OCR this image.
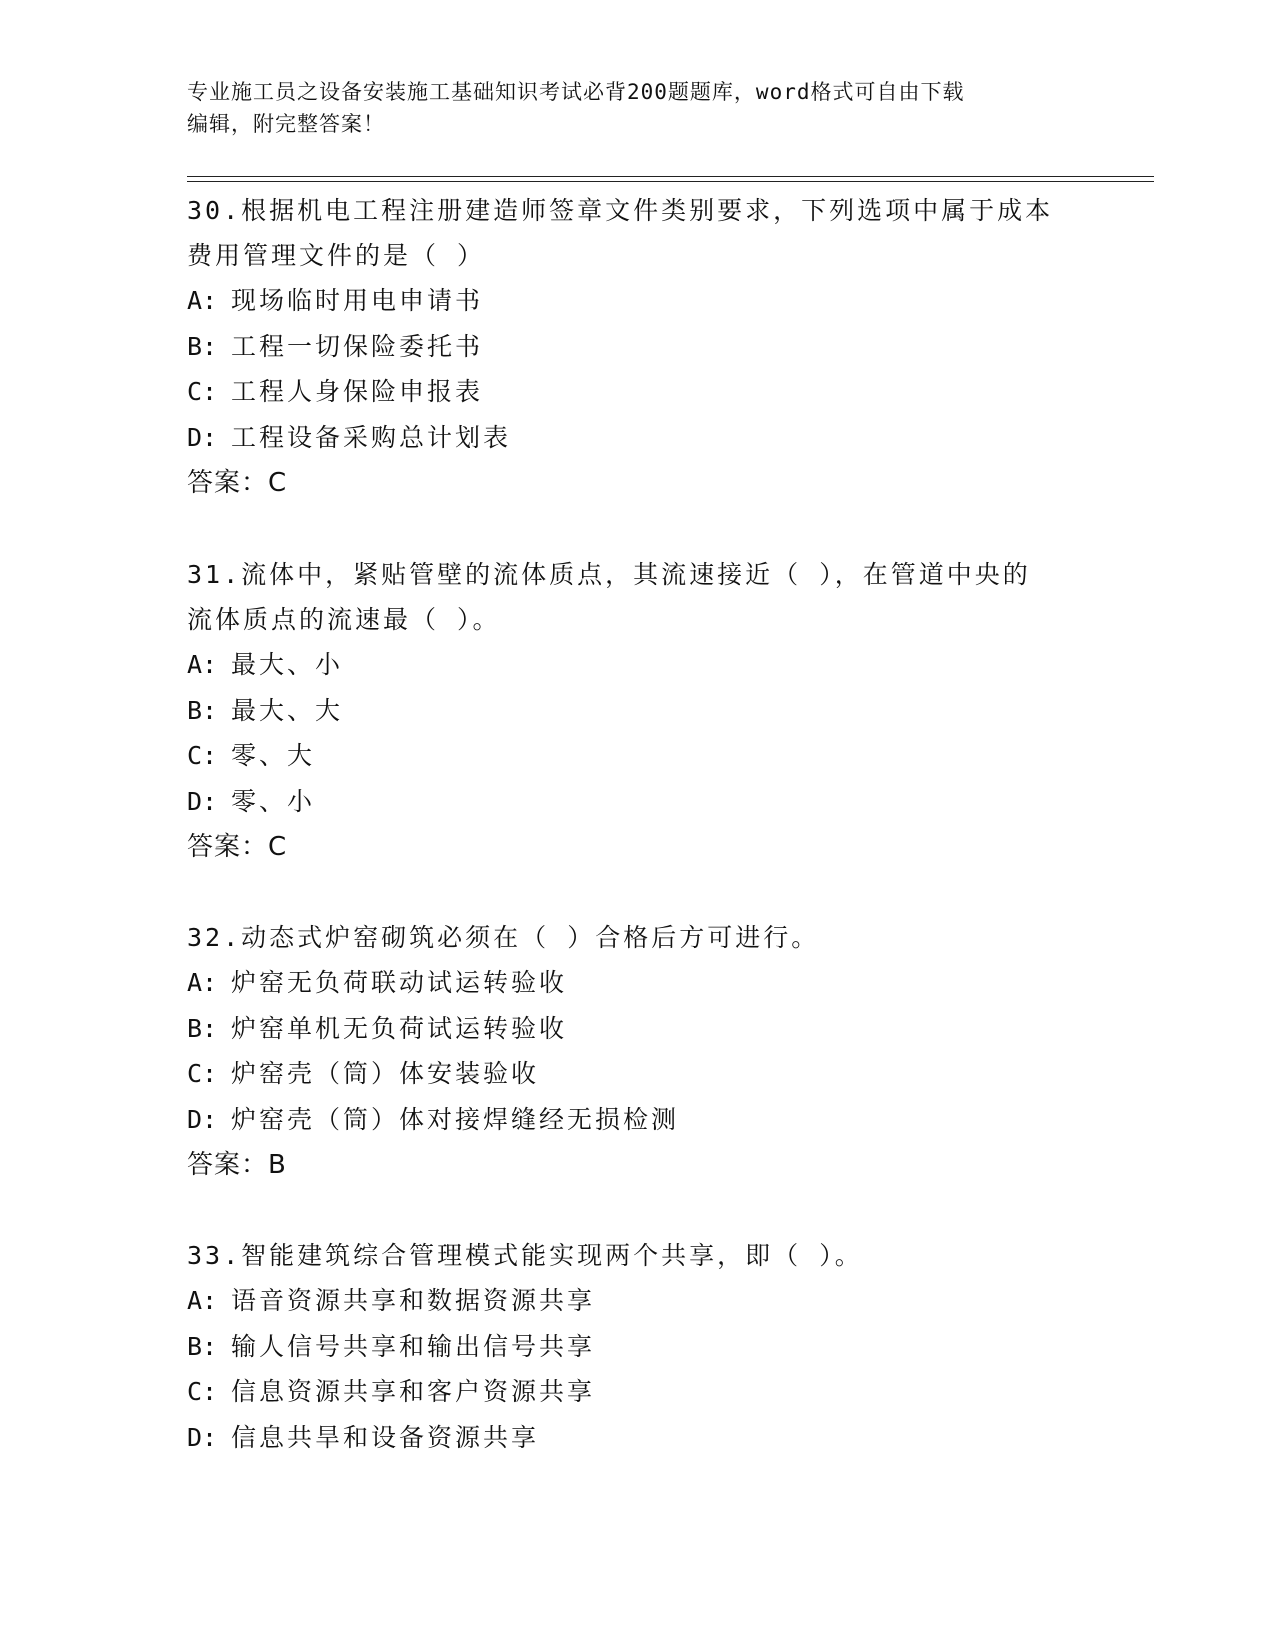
专业施工员之设备安装施工基础知识考试必背200题题库，word格式可自由下载
编辑，附完整答案！
30.根据机电工程注册建造师签章文件类别要求，下列选项中属于成本
费用管理文件的是（ ）
A: 现场临时用电申请书
B: 工程一切保险委托书
C: 工程人身保险申报表
D: 工程设备采购总计划表
答案：C
31.流体中，紧贴管壁的流体质点，其流速接近（ ），在管道中央的
流体质点的流速最（ ）。
A: 最大、小
B: 最大、大
C: 零、大
D: 零、小
答案：C
32.动态式炉窑砌筑必须在（ ）合格后方可进行。
A: 炉窑无负荷联动试运转验收
B: 炉窑单机无负荷试运转验收
C: 炉窑壳（筒）体安装验收
D: 炉窑壳（筒）体对接焊缝经无损检测
答案：B
33.智能建筑综合管理模式能实现两个共享，即（ ）。
A: 语音资源共享和数据资源共享
B: 输人信号共享和输出信号共享
C: 信息资源共享和客户资源共享
D: 信息共旱和设备资源共享
